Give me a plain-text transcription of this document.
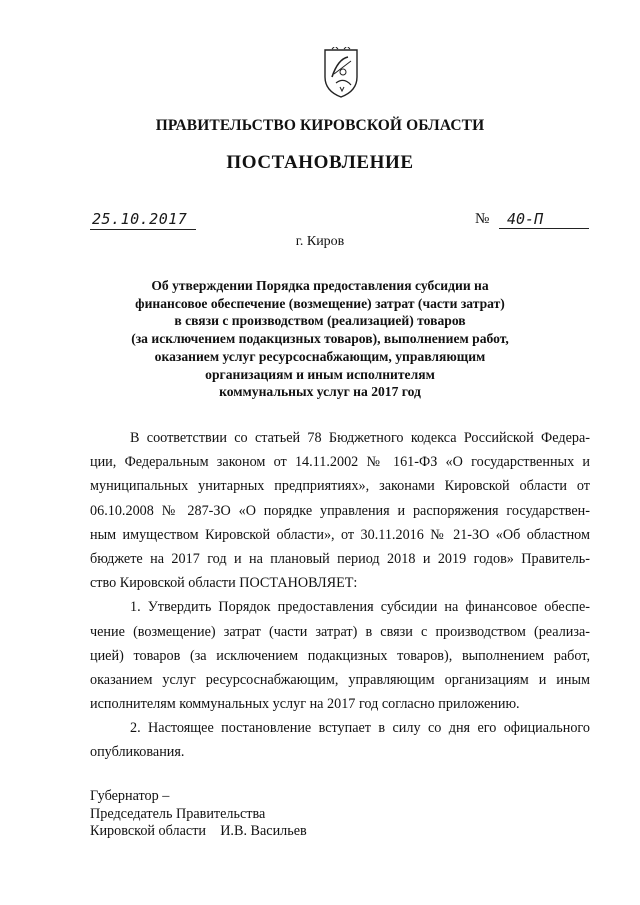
ПРАВИТЕЛЬСТВО КИРОВСКОЙ ОБЛАСТИ
ПОСТАНОВЛЕНИЕ
25.10.2017	№	40-П
г. Киров
Об утверждении Порядка предоставления субсидии на
финансовое обеспечение (возмещение) затрат (части затрат)
в связи с производством (реализацией) товаров
(за исключением подакцизных товаров), выполнением работ,
оказанием услуг ресурсоснабжающим, управляющим
организациям и иным исполнителям
коммунальных услуг на 2017 год
В соответствии со статьей 78 Бюджетного кодекса Российской Федера-
ции, Федеральным законом от 14.11.2002 № 161-ФЗ «О государственных и
муниципальных унитарных предприятиях», законами Кировской области от
06.10.2008 № 287-ЗО «О порядке управления и распоряжения государствен-
ным имуществом Кировской области», от 30.11.2016 № 21-ЗО «Об областном
бюджете на 2017 год и на плановый период 2018 и 2019 годов» Правитель-
ство Кировской области ПОСТАНОВЛЯЕТ:
1. Утвердить Порядок предоставления субсидии на финансовое обеспе-
чение (возмещение) затрат (части затрат) в связи с производством (реализа-
цией) товаров (за исключением подакцизных товаров), выполнением работ,
оказанием услуг ресурсоснабжающим, управляющим организациям и иным
исполнителям коммунальных услуг на 2017 год согласно приложению.
2. Настоящее постановление вступает в силу со дня его официального
опубликования.
Губернатор –
Председатель Правительства
Кировской области И.В. Васильев
